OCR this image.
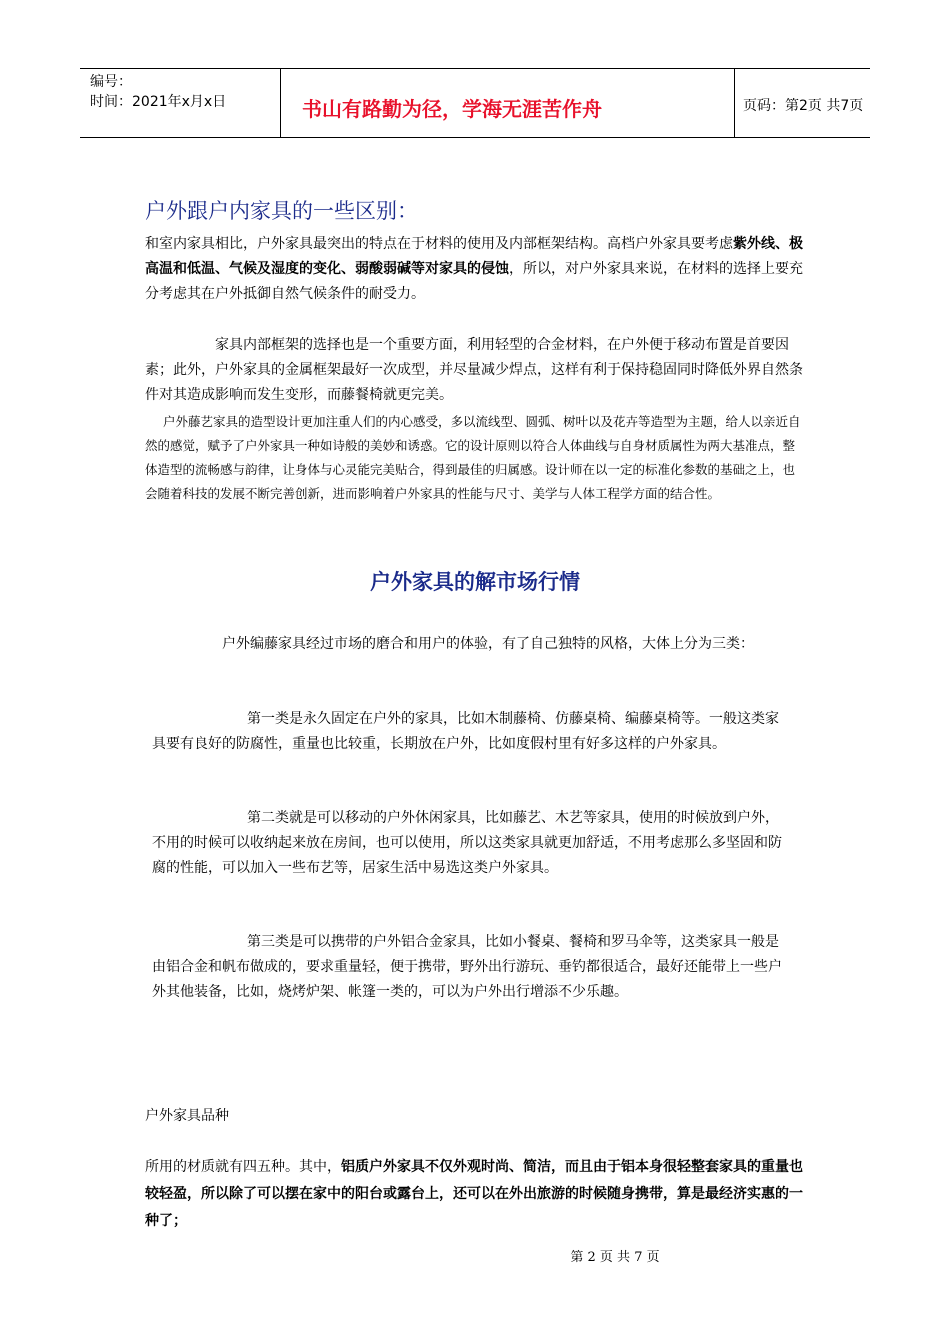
编号：
时间：2021年x月x日	书山有路勤为径，学海无涯苦作舟	页码：第2页 共7页
户外跟户内家具的一些区别：

和室内家具相比，户外家具最突出的特点在于材料的使用及内部框架结构。高档户外家具要考虑紫外线、极高温和低温、气候及湿度的变化、弱酸弱碱等对家具的侵蚀，所以，对户外家具来说，在材料的选择上要充分考虑其在户外抵御自然气候条件的耐受力。

家具内部框架的选择也是一个重要方面，利用轻型的合金材料，在户外便于移动布置是首要因素；此外，户外家具的金属框架最好一次成型，并尽量减少焊点，这样有利于保持稳固同时降低外界自然条件对其造成影响而发生变形，而藤餐椅就更完美。

户外藤艺家具的造型设计更加注重人们的内心感受，多以流线型、圆弧、树叶以及花卉等造型为主题，给人以亲近自然的感觉，赋予了户外家具一种如诗般的美妙和诱惑。它的设计原则以符合人体曲线与自身材质属性为两大基准点，整体造型的流畅感与韵律，让身体与心灵能完美贴合，得到最佳的归属感。设计师在以一定的标准化参数的基础之上，也会随着科技的发展不断完善创新，进而影响着户外家具的性能与尺寸、美学与人体工程学方面的结合性。

户外家具的解市场行情

户外编藤家具经过市场的磨合和用户的体验，有了自己独特的风格，大体上分为三类：

第一类是永久固定在户外的家具，比如木制藤椅、仿藤桌椅、编藤桌椅等。一般这类家具要有良好的防腐性，重量也比较重，长期放在户外，比如度假村里有好多这样的户外家具。

第二类就是可以移动的户外休闲家具，比如藤艺、木艺等家具，使用的时候放到户外，不用的时候可以收纳起来放在房间，也可以使用，所以这类家具就更加舒适，不用考虑那么多坚固和防腐的性能，可以加入一些布艺等，居家生活中易选这类户外家具。

第三类是可以携带的户外铝合金家具，比如小餐桌、餐椅和罗马伞等，这类家具一般是由铝合金和帆布做成的，要求重量轻，便于携带，野外出行游玩、垂钓都很适合，最好还能带上一些户外其他装备，比如，烧烤炉架、帐篷一类的，可以为户外出行增添不少乐趣。

户外家具品种

所用的材质就有四五种。其中，铝质户外家具不仅外观时尚、简洁，而且由于铝本身很轻整套家具的重量也较轻盈，所以除了可以摆在家中的阳台或露台上，还可以在外出旅游的时候随身携带，算是最经济实惠的一种了；

第 2 页 共 7 页
